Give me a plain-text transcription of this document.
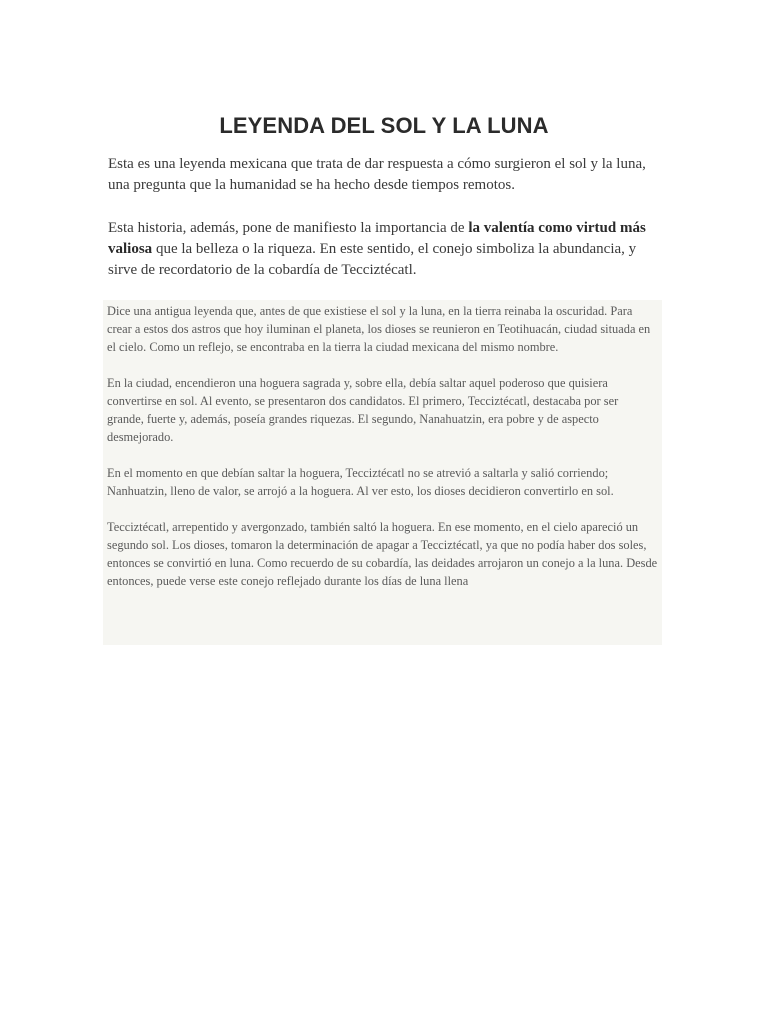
LEYENDA DEL SOL Y LA LUNA

Esta es una leyenda mexicana que trata de dar respuesta a cómo surgieron el sol y la luna, una pregunta que la humanidad se ha hecho desde tiempos remotos.

Esta historia, además, pone de manifiesto la importancia de la valentía como virtud más valiosa que la belleza o la riqueza. En este sentido, el conejo simboliza la abundancia, y sirve de recordatorio de la cobardía de Tecciztécatl.

Dice una antigua leyenda que, antes de que existiese el sol y la luna, en la tierra reinaba la oscuridad. Para crear a estos dos astros que hoy iluminan el planeta, los dioses se reunieron en Teotihuacán, ciudad situada en el cielo. Como un reflejo, se encontraba en la tierra la ciudad mexicana del mismo nombre.

En la ciudad, encendieron una hoguera sagrada y, sobre ella, debía saltar aquel poderoso que quisiera convertirse en sol. Al evento, se presentaron dos candidatos. El primero, Tecciztécatl, destacaba por ser grande, fuerte y, además, poseía grandes riquezas. El segundo, Nanahuatzin, era pobre y de aspecto desmejorado.

En el momento en que debían saltar la hoguera, Tecciztécatl no se atrevió a saltarla y salió corriendo; Nanhuatzin, lleno de valor, se arrojó a la hoguera. Al ver esto, los dioses decidieron convertirlo en sol.

Tecciztécatl, arrepentido y avergonzado, también saltó la hoguera. En ese momento, en el cielo apareció un segundo sol. Los dioses, tomaron la determinación de apagar a Tecciztécatl, ya que no podía haber dos soles, entonces se convirtió en luna. Como recuerdo de su cobardía, las deidades arrojaron un conejo a la luna. Desde entonces, puede verse este conejo reflejado durante los días de luna llena
